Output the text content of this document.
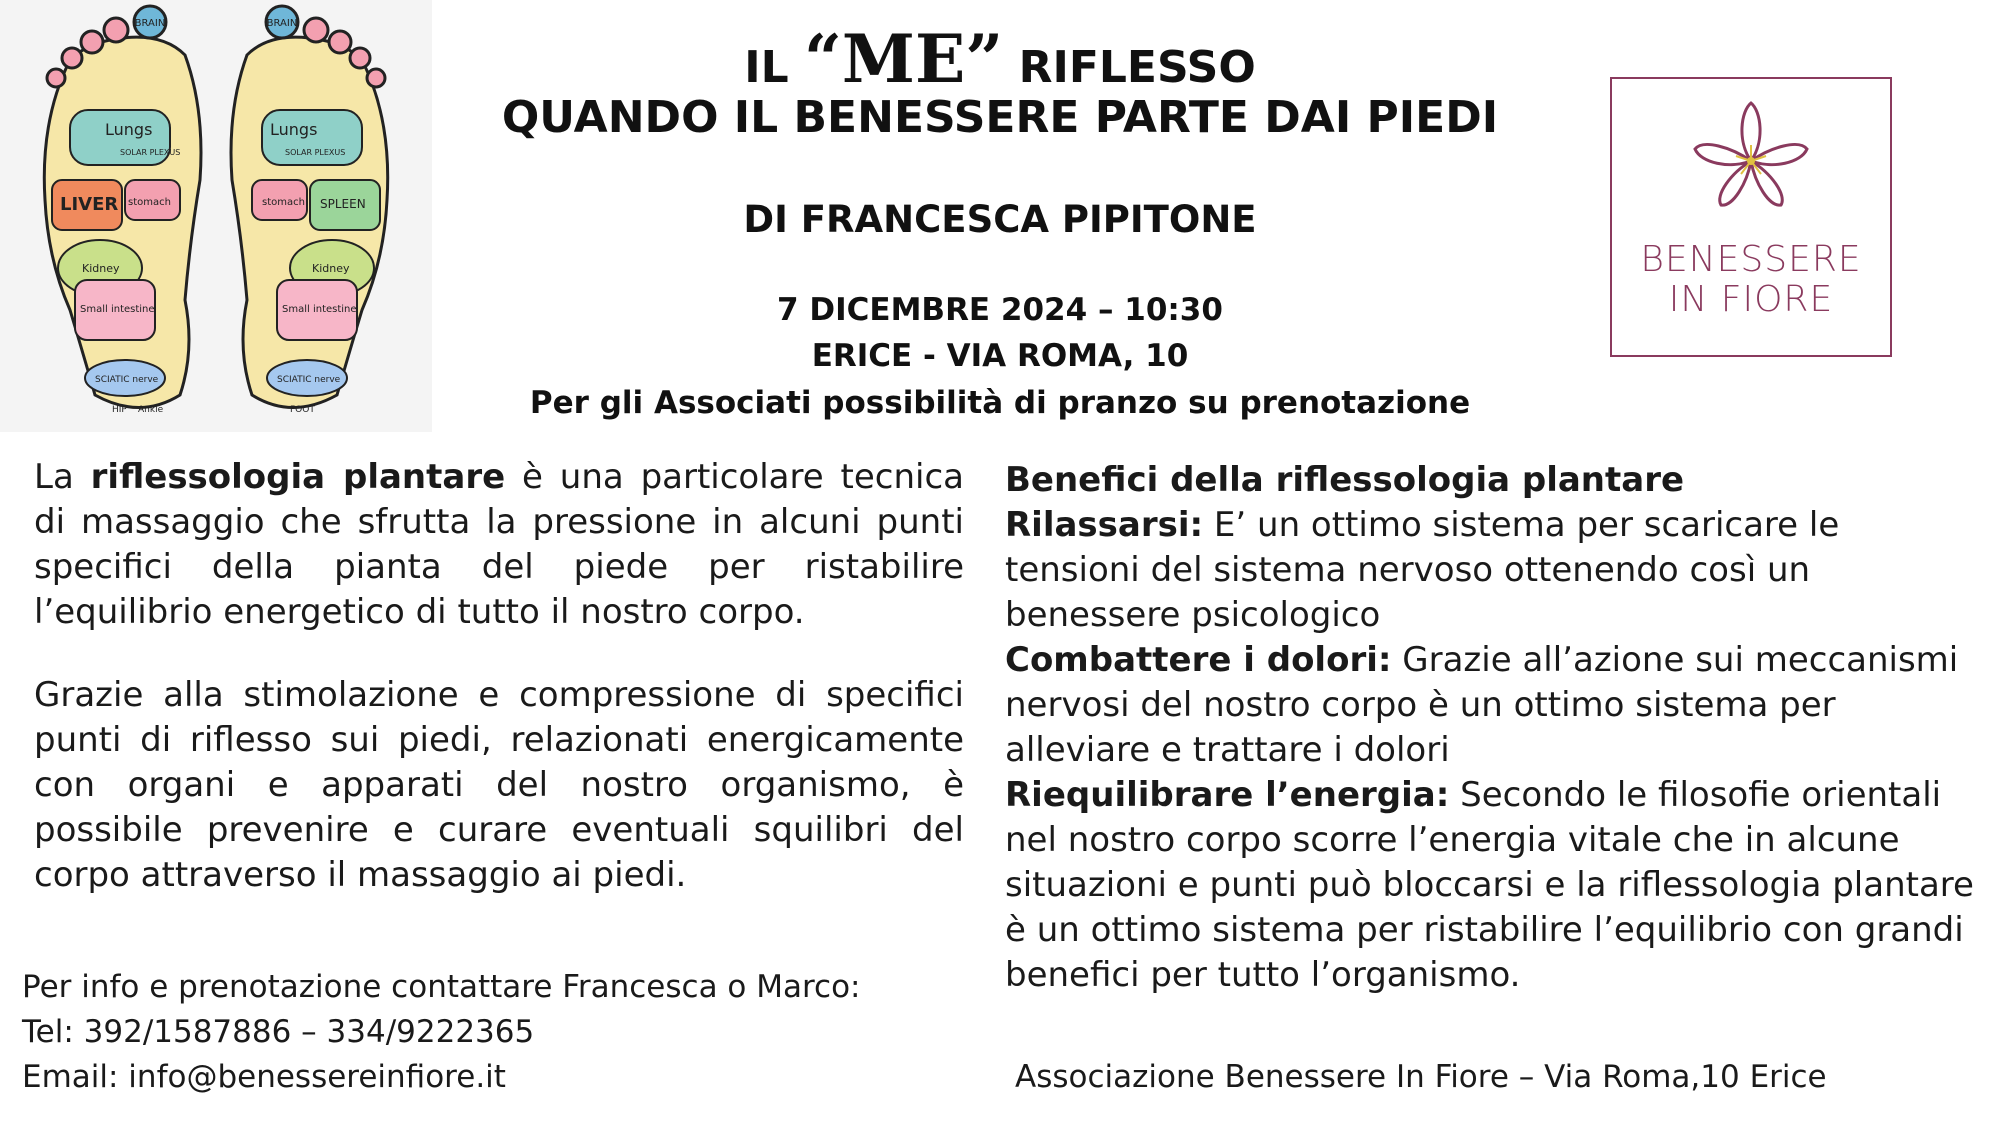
BRAIN	BRAIN
Lungs	Lungs
SOLAR PLEXUS	SOLAR PLEXUS
LIVER stomach	stomach SPLEEN
Kidney	Kidney
Small intestine	Small intestine
SCIATIC nerve	SCIATIC nerve
HIP Ankle	FOOT
IL “ME” RIFLESSO
QUANDO IL BENESSERE PARTE DAI PIEDI
DI FRANCESCA PIPITONE
7 DICEMBRE 2024 – 10:30
ERICE - VIA ROMA, 10
Per gli Associati possibilità di pranzo su prenotazione
BENESSERE
IN FIORE

La riflessologia plantare è una particolare tecnica di massaggio che sfrutta la pressione in alcuni punti specifici della pianta del piede per ristabilire l’equilibrio energetico di tutto il nostro corpo.

Grazie alla stimolazione e compressione di specifici punti di riflesso sui piedi, relazionati energicamente con organi e apparati del nostro organismo, è possibile prevenire e curare eventuali squilibri del corpo attraverso il massaggio ai piedi.

Benefici della riflessologia plantare

Rilassarsi: E’ un ottimo sistema per scaricare le tensioni del sistema nervoso ottenendo così un benessere psicologico

Combattere i dolori: Grazie all’azione sui meccanismi nervosi del nostro corpo è un ottimo sistema per alleviare e trattare i dolori

Riequilibrare l’energia: Secondo le filosofie orientali nel nostro corpo scorre l’energia vitale che in alcune situazioni e punti può bloccarsi e la riflessologia plantare è un ottimo sistema per ristabilire l’equilibrio con grandi benefici per tutto l’organismo.

Per info e prenotazione contattare Francesca o Marco:
Tel: 392/1587886 – 334/9222365
Email: info@benessereinfiore.it	Associazione Benessere In Fiore – Via Roma,10 Erice
